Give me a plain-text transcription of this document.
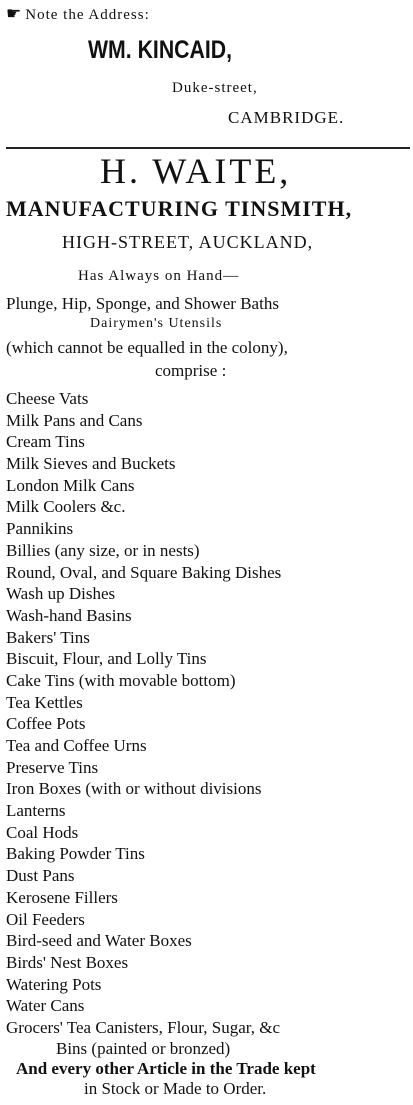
☛ Note the Address:
WM. KINCAID,
Duke-street,
CAMBRIDGE.
H. WAITE,
MANUFACTURING TINSMITH,
HIGH-STREET, AUCKLAND,
Has Always on Hand—
Plunge, Hip, Sponge, and Shower Baths
Dairymen's Utensils
(which cannot be equalled in the colony),
comprise :
Cheese Vats
Milk Pans and Cans
Cream Tins
Milk Sieves and Buckets
London Milk Cans
Milk Coolers &c.
Pannikins
Billies (any size, or in nests)
Round, Oval, and Square Baking Dishes
Wash up Dishes
Wash-hand Basins
Bakers' Tins
Biscuit, Flour, and Lolly Tins
Cake Tins (with movable bottom)
Tea Kettles
Coffee Pots
Tea and Coffee Urns
Preserve Tins
Iron Boxes (with or without divisions
Lanterns
Coal Hods
Baking Powder Tins
Dust Pans
Kerosene Fillers
Oil Feeders
Bird-seed and Water Boxes
Birds' Nest Boxes
Watering Pots
Water Cans
Grocers' Tea Canisters, Flour, Sugar, &c
Bins (painted or bronzed)
And every other Article in the Trade kept
in Stock or Made to Order.
